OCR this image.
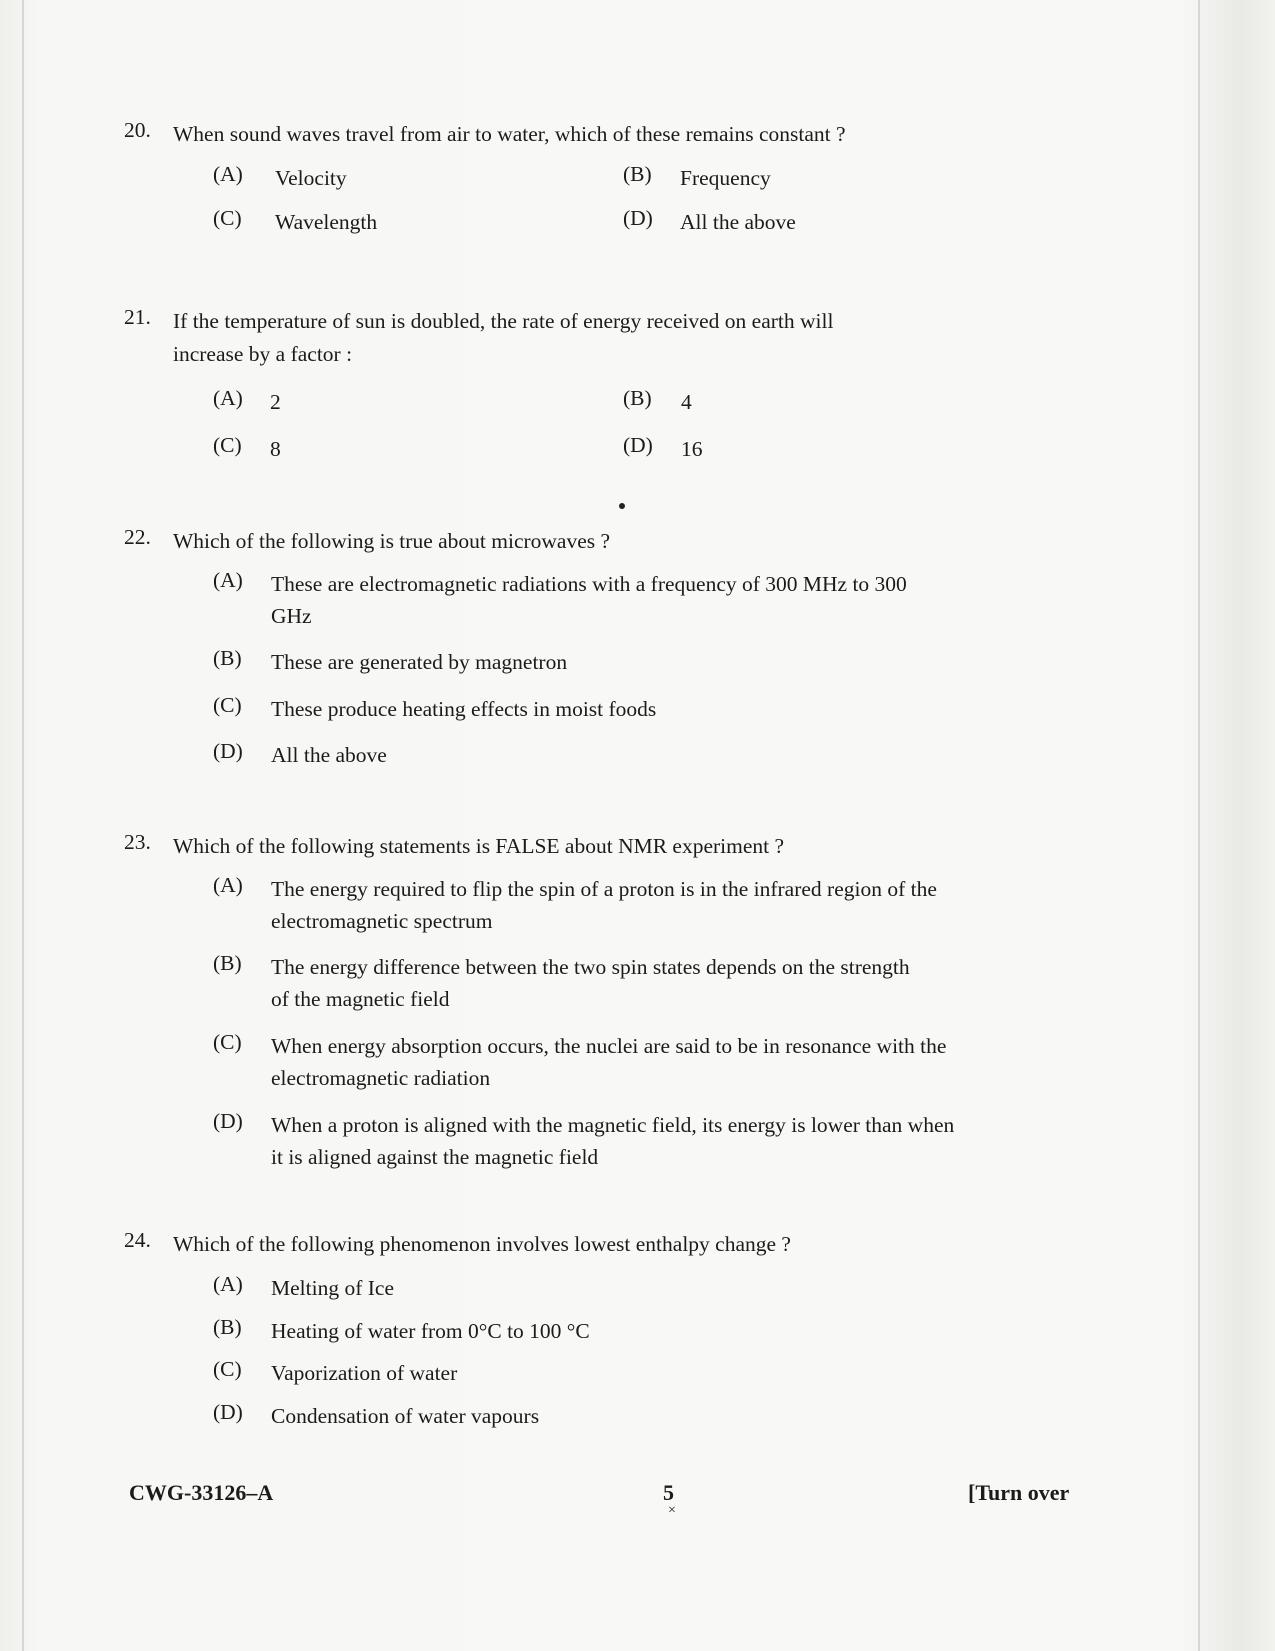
20. When sound waves travel from air to water, which of these remains constant ?
(A) Velocity	(B) Frequency
(C) Wavelength	(D) All the above
21. If the temperature of sun is doubled, the rate of energy received on earth will increase by a factor :
(A) 2	(B) 4
(C) 8	(D) 16
22. Which of the following is true about microwaves ?
(A) These are electromagnetic radiations with a frequency of 300 MHz to 300 GHz
(B) These are generated by magnetron
(C) These produce heating effects in moist foods
(D) All the above
23. Which of the following statements is FALSE about NMR experiment ?
(A) The energy required to flip the spin of a proton is in the infrared region of the electromagnetic spectrum
(B) The energy difference between the two spin states depends on the strength of the magnetic field
(C) When energy absorption occurs, the nuclei are said to be in resonance with the electromagnetic radiation
(D) When a proton is aligned with the magnetic field, its energy is lower than when it is aligned against the magnetic field
24. Which of the following phenomenon involves lowest enthalpy change ?
(A) Melting of Ice
(B) Heating of water from 0°C to 100 °C
(C) Vaporization of water
(D) Condensation of water vapours
CWG-33126–A	5
×
[Turn over
